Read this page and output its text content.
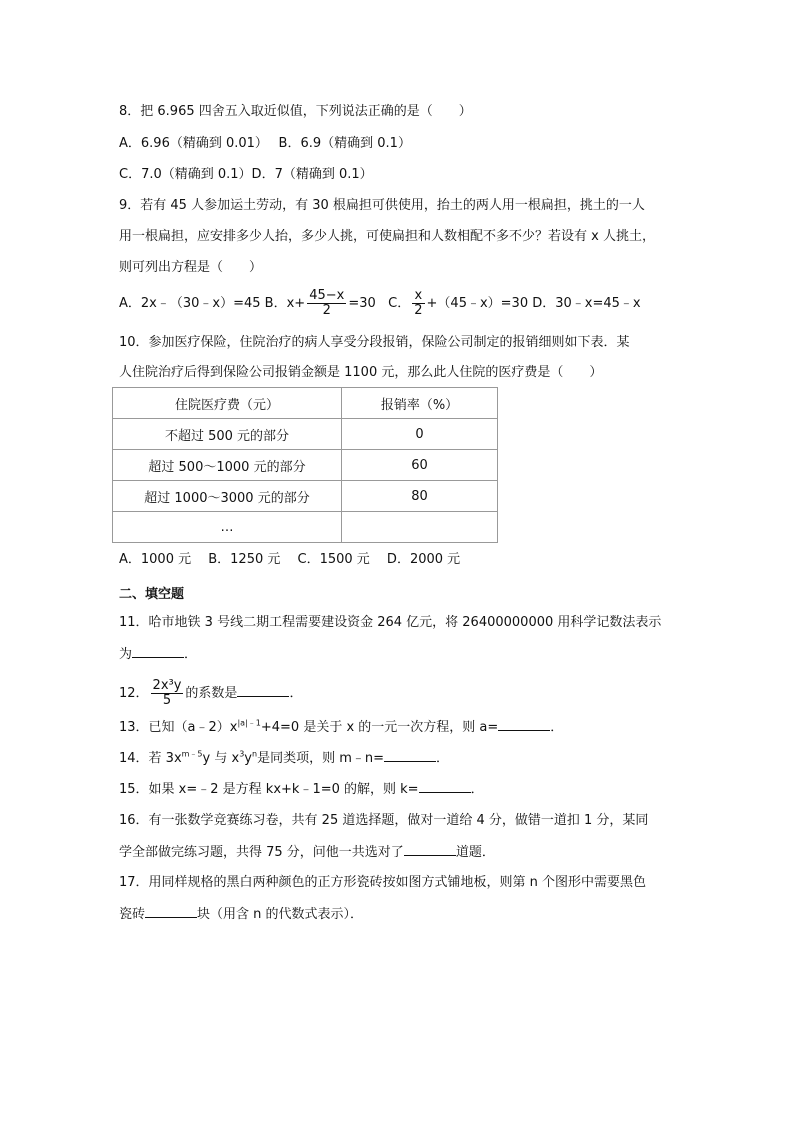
8．把 6.965 四舍五入取近似值，下列说法正确的是（　　）
A．6.96（精确到 0.01）　 B．6.9（精确到 0.1）
C．7.0（精确到 0.1）D．7（精确到 0.1）
9．若有 45 人参加运土劳动，有 30 根扁担可供使用，抬土的两人用一根扁担，挑土的一人
用一根扁担，应安排多少人抬，多少人挑，可使扁担和人数相配不多不少？若设有 x 人挑土，
则可列出方程是（　　）
A．2x﹣（30﹣x）=45 B．$x+ \frac{45-x}{2} =30$ C． $\frac{x}{2}$ +（45﹣x）=30 D．30﹣x=45﹣x
10．参加医疗保险，住院治疗的病人享受分段报销，保险公司制定的报销细则如下表．某
人住院治疗后得到保险公司报销金额是 1100 元，那么此人住院的医疗费是（　　）
住院医疗费（元）	报销率（%）
不超过 500 元的部分	0
超过 500～1000 元的部分	60
超过 1000～3000 元的部分	80
…	
A．1000 元　 B．1250 元　 C．1500 元　 D．2000 元
二、填空题
11．哈市地铁 3 号线二期工程需要建设资金 264 亿元，将 26400000000 用科学记数法表示
为	．
12． $\frac{\text{2x³y}}{5}$ 的系数是	．
13．已知$(a﹣2)x^{|a|﹣1}+4=0$ 是关于 x 的一元一次方程，则 a=	．
14．若 $3x^{m﹣5}y$ 与 $x^3y^n$是同类项，则 m﹣n=	．
15．如果 x=﹣2 是方程 kx+k﹣1=0 的解，则 k=	．
16．有一张数学竞赛练习卷，共有 25 道选择题，做对一道给 4 分，做错一道扣 1 分，某同
学全部做完练习题，共得 75 分，问他一共选对了	道题．
17．用同样规格的黑白两种颜色的正方形瓷砖按如图方式铺地板，则第 n 个图形中需要黑色
瓷砖	块（用含 n 的代数式表示）．
